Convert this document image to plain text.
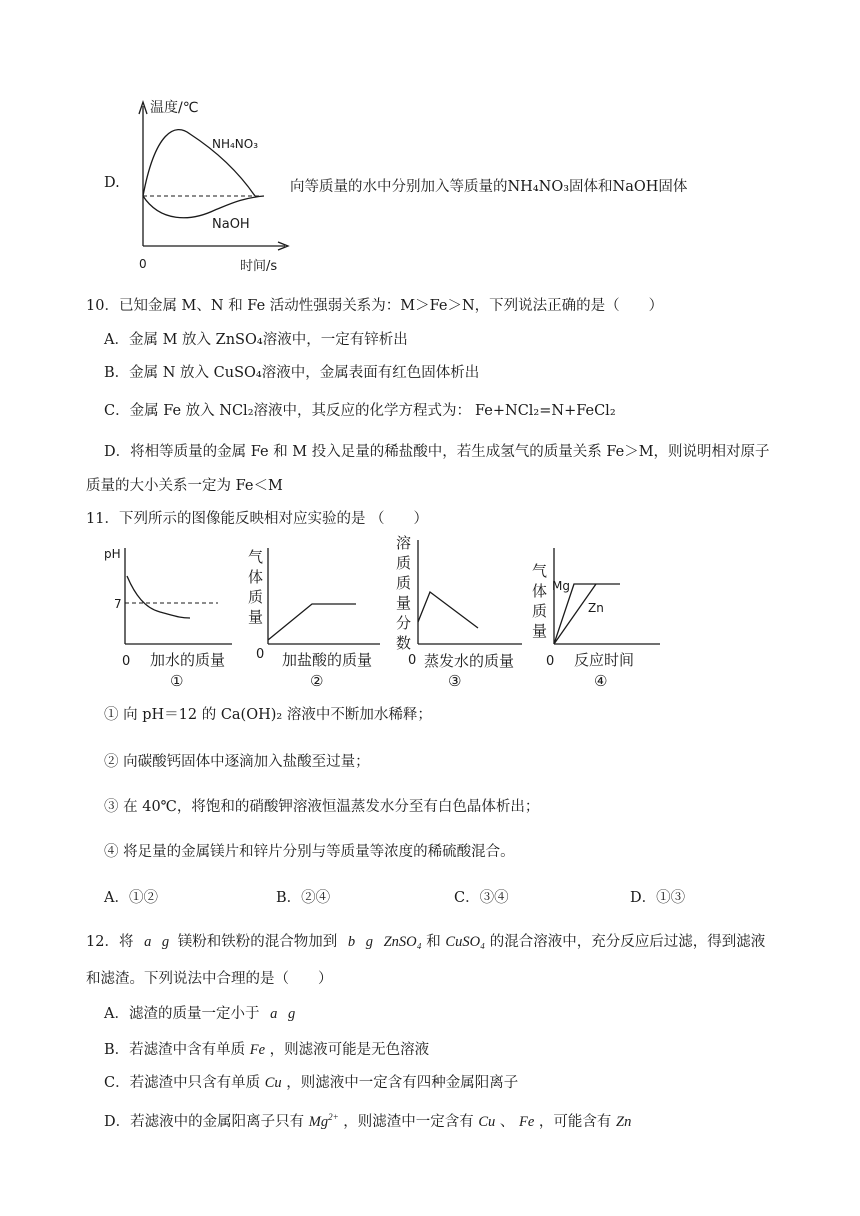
D.
温度/℃
NH₄NO₃
NaOH
0	时间/s
向等质量的水中分别加入等质量的NH₄NO₃固体和NaOH固体
10．已知金属 M、N 和 Fe 活动性强弱关系为：M＞Fe＞N，下列说法正确的是（　　）
A．金属 M 放入 ZnSO₄溶液中，一定有锌析出
B．金属 N 放入 CuSO₄溶液中，金属表面有红色固体析出
C．金属 Fe 放入 NCl₂溶液中，其反应的化学方程式为： Fe+NCl₂=N+FeCl₂
D．将相等质量的金属 Fe 和 M 投入足量的稀盐酸中，若生成氢气的质量关系 Fe＞M，则说明相对原子
质量的大小关系一定为 Fe＜M
11．下列所示的图像能反映相对应实验的是 （　　）
pH
7
0 加水的质量
①
气
体
质
量
0 加盐酸的质量
②
溶
质
质
量
分
数
0 蒸发水的质量
③
气
体
质
量
Mg
Zn
0 反应时间
④
① 向 pH＝12 的 Ca(OH)₂ 溶液中不断加水稀释；
② 向碳酸钙固体中逐滴加入盐酸至过量；
③ 在 40℃，将饱和的硝酸钾溶液恒温蒸发水分至有白色晶体析出；
④ 将足量的金属镁片和锌片分别与等质量等浓度的稀硫酸混合。
A．①②	B．②④	C．③④	D．①③
12．将 a g 镁粉和铁粉的混合物加到 b g ZnSO₄ 和 CuSO₄ 的混合溶液中，充分反应后过滤，得到滤液
和滤渣。下列说法中合理的是（　　）
A．滤渣的质量一定小于 a g
B．若滤渣中含有单质 Fe ，则滤液可能是无色溶液
C．若滤渣中只含有单质 Cu ，则滤液中一定含有四种金属阳离子
D．若滤液中的金属阳离子只有 $Mg^{2+}$ ，则滤渣中一定含有 Cu 、 Fe ，可能含有 Zn
